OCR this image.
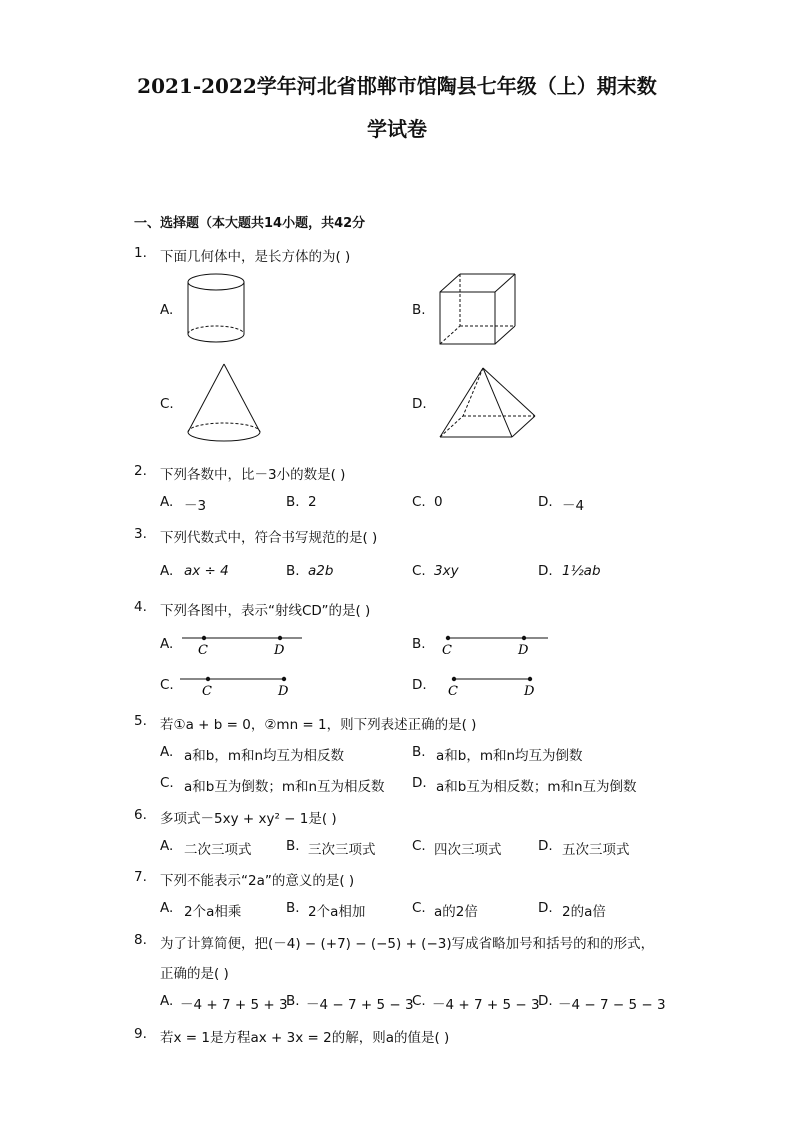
2021-2022学年河北省邯郸市馆陶县七年级（上）期末数
学试卷
一、选择题（本大题共14小题，共42分
1. 下面几何体中，是长方体的为( )
A.	B.
C.	D.
2. 下列各数中，比－3小的数是( )
A. －3	B. 2	C. 0	D. －4
3. 下列代数式中，符合书写规范的是( )
A. ax ÷ 4	B. a2b	C. 3xy	D. 1½ab
4. 下列各图中，表示“射线CD”的是( )
A. C	D	B. C	D
C. C	D	D. C	D
5. 若①a + b = 0，②mn = 1，则下列表述正确的是( )
A. a和b，m和n均互为相反数	B. a和b，m和n均互为倒数
C. a和b互为倒数；m和n互为相反数 D. a和b互为相反数；m和n互为倒数
6. 多项式－5xy + xy² − 1是( )
A. 二次三项式	B. 三次三项式	C. 四次三项式	D. 五次三项式
7. 下列不能表示“2a”的意义的是( )
A. 2个a相乘	B. 2个a相加	C. a的2倍	D. 2的a倍
8. 为了计算简便，把(－4) − (+7) − (−5) + (−3)写成省略加号和括号的和的形式，
正确的是( )
A. －4 + 7 + 5 + 3
B. －4 − 7 + 5 − 3
C. －4 + 7 + 5 − 3
D. －4 − 7 − 5 − 3
9. 若x = 1是方程ax + 3x = 2的解，则a的值是( )
